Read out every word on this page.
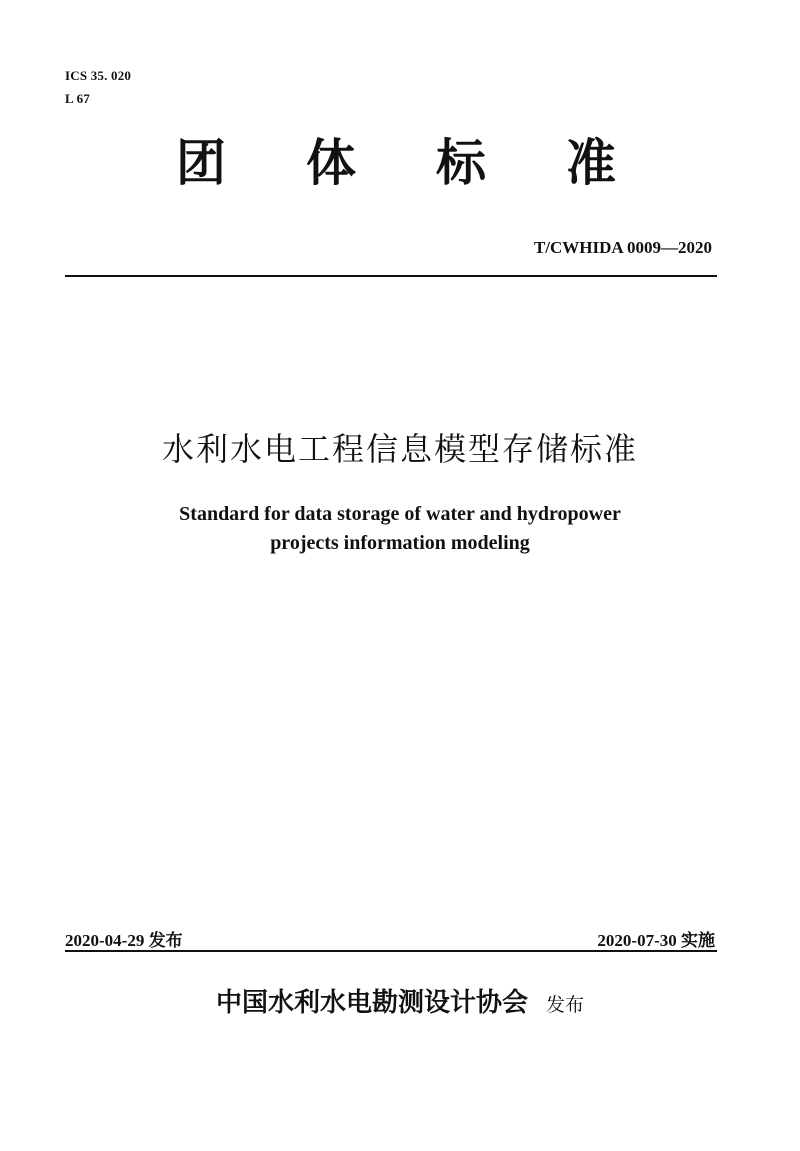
ICS 35. 020
L 67
团 体 标 准
T/CWHIDA 0009—2020
水利水电工程信息模型存储标准
Standard for data storage of water and hydropower
projects information modeling
2020-04-29 发布	2020-07-30 实施
中国水利水电勘测设计协会 发布
